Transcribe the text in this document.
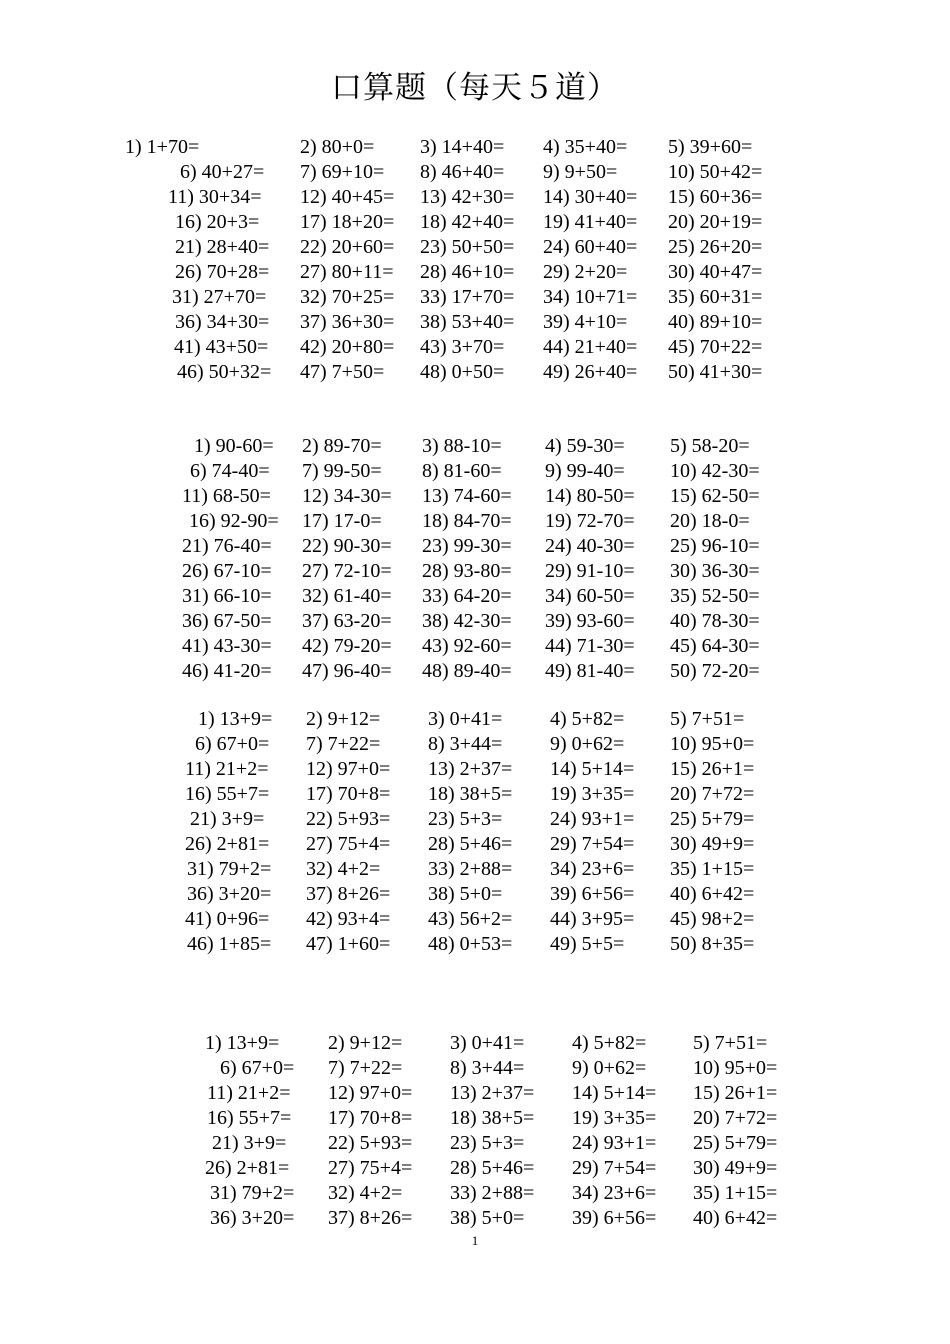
口算题（每天５道）
1) 1+70=	2) 80+0= 3) 14+40= 4) 35+40= 5) 39+60=
6) 40+27= 7) 69+10= 8) 46+40= 9) 9+50=	10) 50+42=
11) 30+34= 12) 40+45= 13) 42+30= 14) 30+40= 15) 60+36=
16) 20+3= 17) 18+20= 18) 42+40= 19) 41+40= 20) 20+19=
21) 28+40= 22) 20+60= 23) 50+50= 24) 60+40= 25) 26+20=
26) 70+28= 27) 80+11= 28) 46+10= 29) 2+20= 30) 40+47=
31) 27+70= 32) 70+25= 33) 17+70= 34) 10+71= 35) 60+31=
36) 34+30= 37) 36+30= 38) 53+40= 39) 4+10= 40) 89+10=
41) 43+50= 42) 20+80= 43) 3+70= 44) 21+40= 45) 70+22=
46) 50+32= 47) 7+50= 48) 0+50= 49) 26+40= 50) 41+30=
1) 90-60= 2) 89-70= 3) 88-10= 4) 59-30= 5) 58-20=
6) 74-40= 7) 99-50= 8) 81-60= 9) 99-40= 10) 42-30=
11) 68-50= 12) 34-30= 13) 74-60= 14) 80-50= 15) 62-50=
16) 92-90= 17) 17-0= 18) 84-70= 19) 72-70= 20) 18-0=
21) 76-40= 22) 90-30= 23) 99-30= 24) 40-30= 25) 96-10=
26) 67-10= 27) 72-10= 28) 93-80= 29) 91-10= 30) 36-30=
31) 66-10= 32) 61-40= 33) 64-20= 34) 60-50= 35) 52-50=
36) 67-50= 37) 63-20= 38) 42-30= 39) 93-60= 40) 78-30=
41) 43-30= 42) 79-20= 43) 92-60= 44) 71-30= 45) 64-30=
46) 41-20= 47) 96-40= 48) 89-40= 49) 81-40= 50) 72-20=
1) 13+9= 2) 9+12= 3) 0+41= 4) 5+82= 5) 7+51=
6) 67+0= 7) 7+22= 8) 3+44= 9) 0+62= 10) 95+0=
11) 21+2= 12) 97+0= 13) 2+37= 14) 5+14= 15) 26+1=
16) 55+7= 17) 70+8= 18) 38+5= 19) 3+35= 20) 7+72=
21) 3+9= 22) 5+93= 23) 5+3= 24) 93+1= 25) 5+79=
26) 2+81= 27) 75+4= 28) 5+46= 29) 7+54= 30) 49+9=
31) 79+2= 32) 4+2= 33) 2+88= 34) 23+6= 35) 1+15=
36) 3+20= 37) 8+26= 38) 5+0= 39) 6+56= 40) 6+42=
41) 0+96= 42) 93+4= 43) 56+2= 44) 3+95= 45) 98+2=
46) 1+85= 47) 1+60= 48) 0+53= 49) 5+5= 50) 8+35=
1) 13+9= 2) 9+12= 3) 0+41= 4) 5+82= 5) 7+51=
6) 67+0= 7) 7+22= 8) 3+44= 9) 0+62= 10) 95+0=
11) 21+2= 12) 97+0= 13) 2+37= 14) 5+14= 15) 26+1=
16) 55+7= 17) 70+8= 18) 38+5= 19) 3+35= 20) 7+72=
21) 3+9= 22) 5+93= 23) 5+3= 24) 93+1= 25) 5+79=
26) 2+81= 27) 75+4= 28) 5+46= 29) 7+54= 30) 49+9=
31) 79+2= 32) 4+2= 33) 2+88= 34) 23+6= 35) 1+15=
36) 3+20= 37) 8+26= 38) 5+0= 39) 6+56= 40) 6+42=
1
